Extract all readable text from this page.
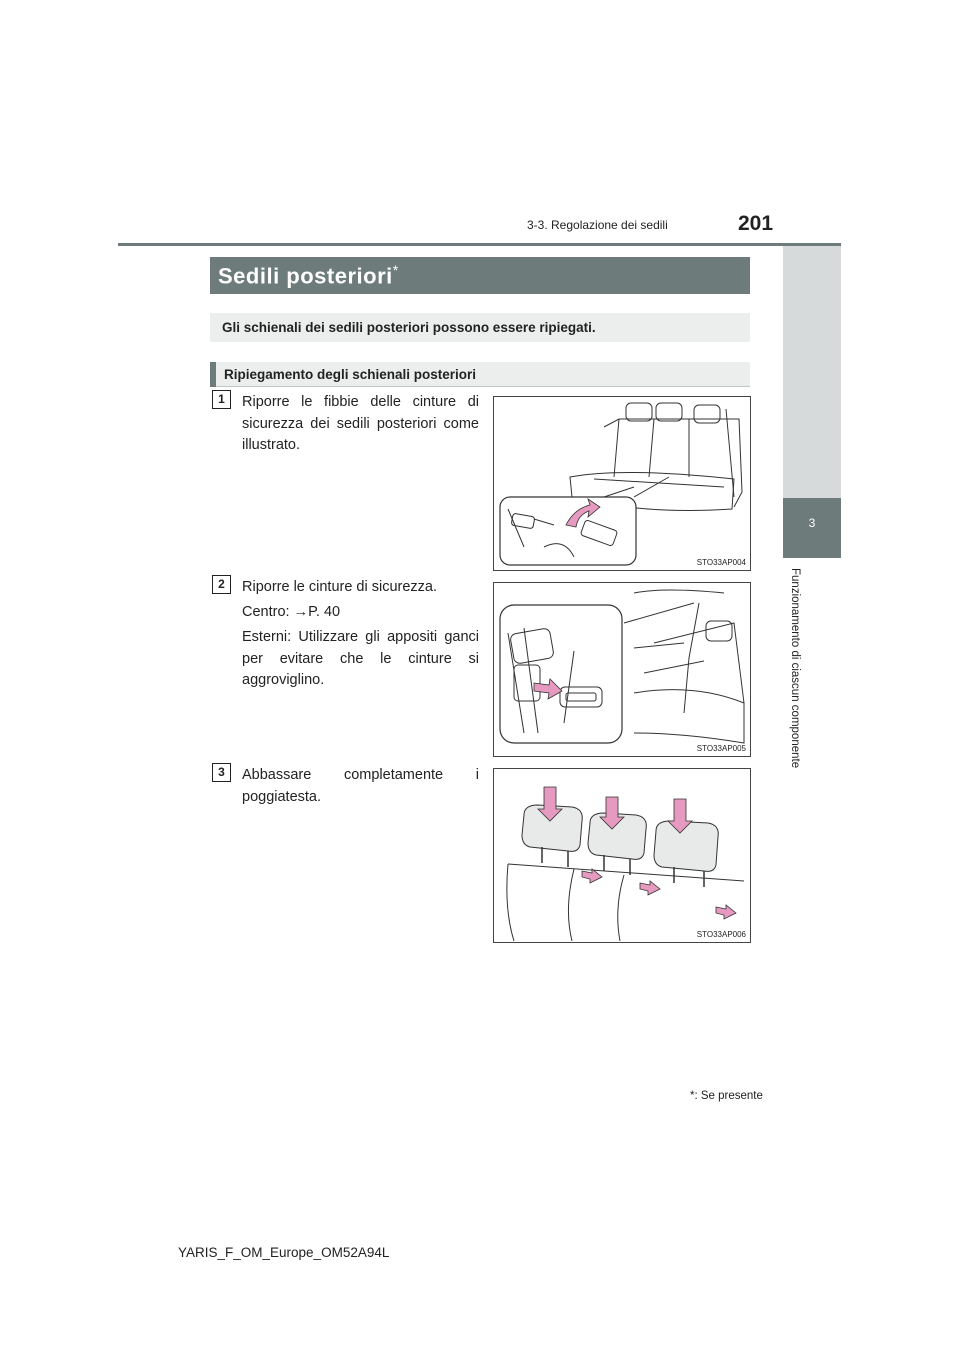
3-3. Regolazione dei sedili	201
3
Funzionamento di ciascun componente
Sedili posteriori*
Gli schienali dei sedili posteriori possono essere ripiegati.
Ripiegamento degli schienali posteriori
1	Riporre le fibbie delle cinture di sicurezza dei sedili posteriori come illustrato.
STO33AP004
2	Riporre le cinture di sicurezza.
Centro: →P. 40
Esterni: Utilizzare gli appositi ganci per evitare che le cinture si aggroviglino.
STO33AP005
3	Abbassare completamente i poggiatesta.
STO33AP006
*: Se presente
YARIS_F_OM_Europe_OM52A94L
